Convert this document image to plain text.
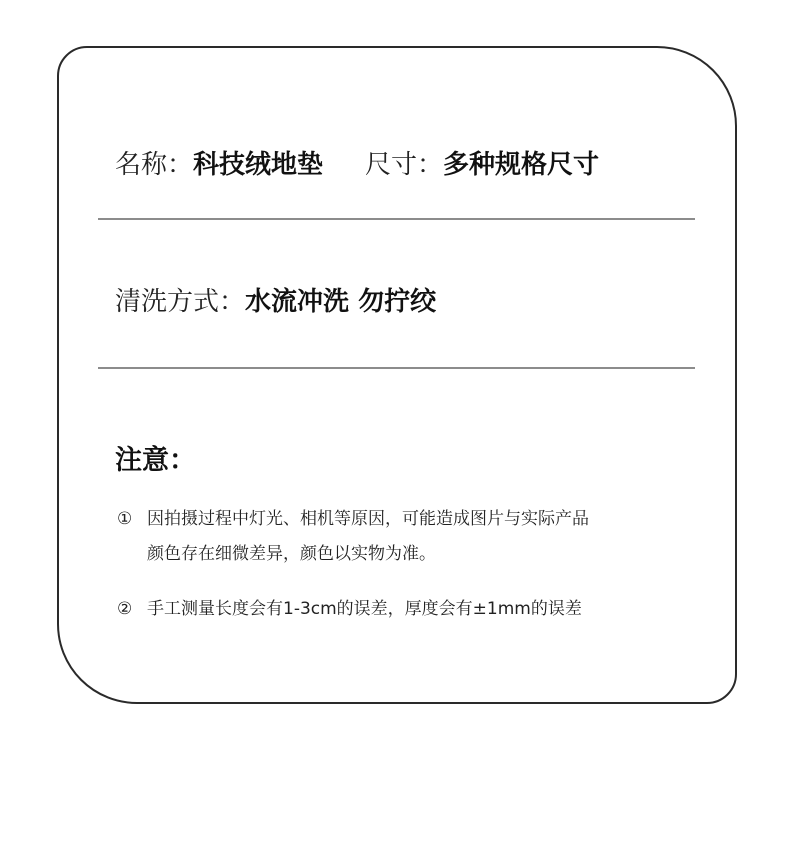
名称：科技绒地垫 尺寸：多种规格尺寸
清洗方式：水流冲洗 勿拧绞
注意：
① 因拍摄过程中灯光、相机等原因，可能造成图片与实际产品
颜色存在细微差异，颜色以实物为准。
② 手工测量长度会有1-3cm的误差，厚度会有±1mm的误差
